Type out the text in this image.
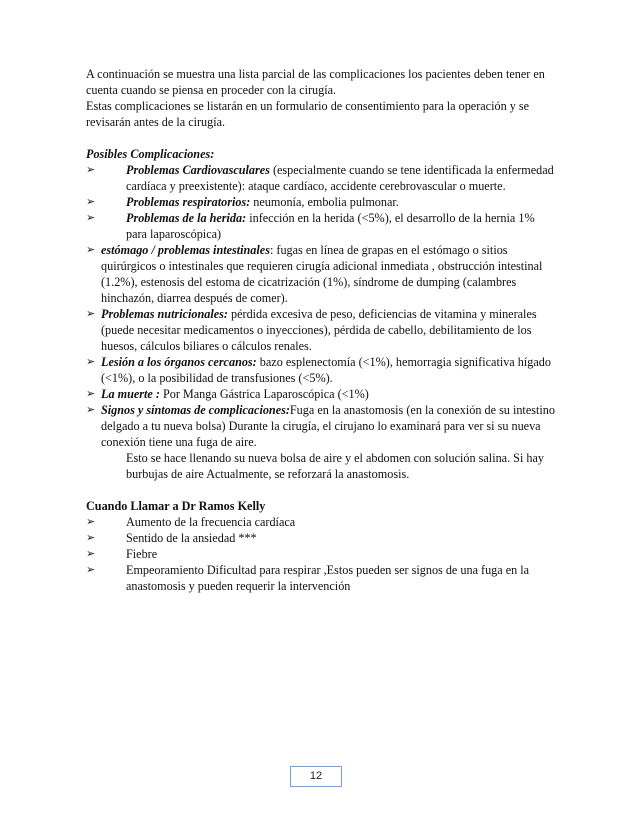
A continuación se muestra una lista parcial de las complicaciones los pacientes deben tener en cuenta cuando se piensa en proceder con la cirugía.

Estas complicaciones se listarán en un formulario de consentimiento para la operación y se revisarán antes de la cirugía.

Posibles Complicaciones:

➢	Problemas Cardiovasculares (especialmente cuando se tene identificada la enfermedad cardíaca y preexistente): ataque cardíaco, accidente cerebrovascular o muerte.
➢	Problemas respiratorios: neumonía, embolia pulmonar.
➢	Problemas de la herida: infección en la herida (<5%), el desarrollo de la hernia 1% para laparoscópica)
➢ estómago / problemas intestinales: fugas en línea de grapas en el estómago o sitios quirúrgicos o intestinales que requieren cirugía adicional inmediata , obstrucción intestinal (1.2%), estenosis del estoma de cicatrización (1%), síndrome de dumping (calambres hinchazón, diarrea después de comer).
➢ Problemas nutricionales: pérdida excesiva de peso, deficiencias de vitamina y minerales (puede necesitar medicamentos o inyecciones), pérdida de cabello, debilitamiento de los huesos, cálculos biliares o cálculos renales.
➢ Lesión a los órganos cercanos: bazo esplenectomía (<1%), hemorragia significativa hígado (<1%), o la posibilidad de transfusiones (<5%).
➢ La muerte : Por Manga Gástrica Laparoscópica (<1%)
➢ Signos y síntomas de complicaciones:Fuga en la anastomosis (en la conexión de su intestino delgado a tu nueva bolsa) Durante la cirugía, el cirujano lo examinará para ver si su nueva conexión tiene una fuga de aire.

Esto se hace llenando su nueva bolsa de aire y el abdomen con solución salina. Si hay burbujas de aire Actualmente, se reforzará la anastomosis.

Cuando Llamar a Dr Ramos Kelly

➢	Aumento de la frecuencia cardíaca
➢	Sentido de la ansiedad ***
➢	Fiebre
➢	Empeoramiento Dificultad para respirar ,Estos pueden ser signos de una fuga en la anastomosis y pueden requerir la intervención
12
